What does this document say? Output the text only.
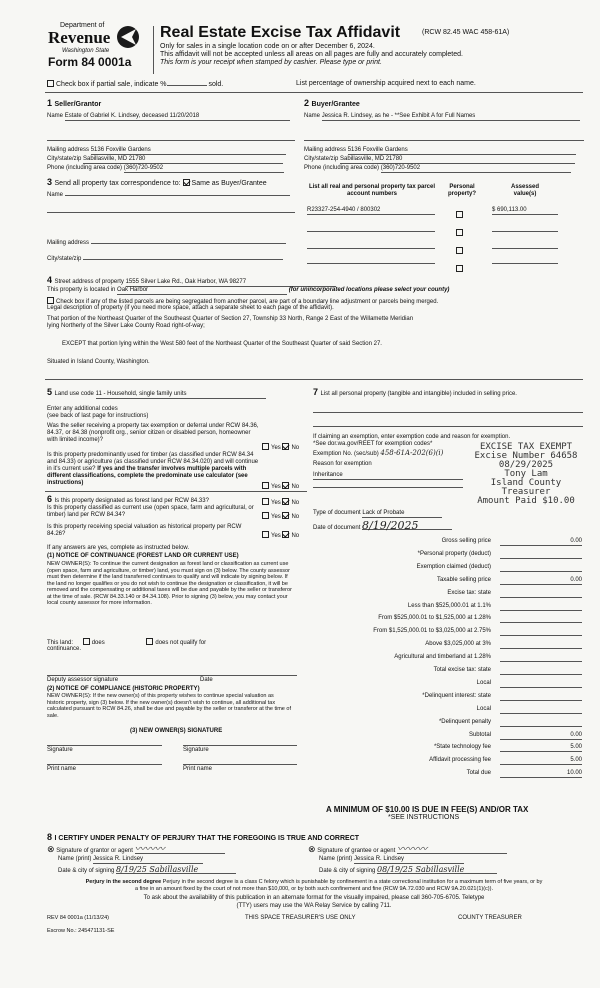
Department of
Revenue
Washington State
Form 84 0001a
Real Estate Excise Tax Affidavit	(RCW 82.45 WAC 458-61A)
Only for sales in a single location code on or after December 6, 2024.
This affidavit will not be accepted unless all areas on all pages are fully and accurately completed.
This form is your receipt when stamped by cashier. Please type or print.
Check box if partial sale, indicate %	sold.	List percentage of ownership acquired next to each name.
1 Seller/Grantor
Name Estate of Gabriel K. Lindsey, deceased 11/20/2018
Mailing address 5136 Foxville Gardens
City/state/zip Sabillasville, MD 21780
Phone (including area code) (360)720-9502
2 Buyer/Grantee
Name Jessica R. Lindsey, as he - **See Exhibit A for Full Names
Mailing address 5136 Foxville Gardens
City/state/zip Sabillasville, MD 21780
Phone (including area code) (360)720-9502
3 Send all property tax correspondence to: Same as Buyer/Grantee
Name
Mailing address
City/state/zip
List all real and personal property tax parcel account numbers
Personal property?
Assessed value(s)
R23327-254-4940 / 800302	$ 690,113.00
4 Street address of property 1555 Silver Lake Rd., Oak Harbor, WA 98277
This property is located in Oak Harbor	(for unincorporated locations please select your county)
Check box if any of the listed parcels are being segregated from another parcel, are part of a boundary line adjustment or parcels being merged.
Legal description of property (if you need more space, attach a separate sheet to each page of the affidavit).
That portion of the Northeast Quarter of the Southeast Quarter of Section 27, Township 33 North, Range 2 East of the Willamette Meridian
lying Northerly of the Silver Lake County Road right-of-way;
EXCEPT that portion lying within the West 580 feet of the Northeast Quarter of the Southeast Quarter of said Section 27.
Situated in Island County, Washington.
5 Land use code 11 - Household, single family units
Enter any additional codes
(see back of last page for instructions)
Was the seller receiving a property tax exemption or deferral under RCW 84.36, 84.37, or 84.38 (nonprofit org., senior citizen or disabled person, homeowner with limited income)?
Yes No
Is this property predominantly used for timber (as classified under RCW 84.34 and 84.33) or agriculture (as classified under RCW 84.34.020) and will continue in it's current use? If yes and the transfer involves multiple parcels with different classifications, complete the predominate use calculator (see instructions)
Yes No
6 Is this property designated as forest land per RCW 84.33?	Yes No
Is this property classified as current use (open space, farm and agricultural, or timber) land per RCW 84.34?	Yes No
Is this property receiving special valuation as historical property per RCW 84.26?	Yes No
If any answers are yes, complete as instructed below.
(1) NOTICE OF CONTINUANCE (FOREST LAND OR CURRENT USE)
NEW OWNER(S): To continue the current designation as forest land or classification as current use (open space, farm and agriculture, or timber) land, you must sign on (3) below. The county assessor must then determine if the land transferred continues to qualify and will indicate by signing below. If the land no longer qualifies or you do not wish to continue the designation or classification, it will be removed and the compensating or additional taxes will be due and payable by the seller or transferor at the time of sale. (RCW 84.33.140 or 84.34.108). Prior to signing (3) below, you may contact your local county assessor for more information.
This land:	does	does not qualify for
continuance.
Deputy assessor signature	Date
(2) NOTICE OF COMPLIANCE (HISTORIC PROPERTY)
NEW OWNER(S): If the new owner(s) of this property wishes to continue special valuation as historic property, sign (3) below. If the new owner(s) doesn't wish to continue, all additional tax calculated pursuant to RCW 84.26, shall be due and payable by the seller or transferor at the time of sale.
(3) NEW OWNER(S) SIGNATURE
Signature	Signature
Print name	Print name
7 List all personal property (tangible and intangible) included in selling price.
If claiming an exemption, enter exemption code and reason for exemption. *See dor.wa.gov/REET for exemption codes*
Exemption No. (sec/sub) 458-61A-202(6)(i)
Reason for exemption
Inheritance
EXCISE TAX EXEMPT
Excise Number 64658
08/29/2025
Tony Lam
Island County Treasurer
Amount Paid $10.00
Type of document Lack of Probate
Date of document 8/19/2025
Gross selling price	0.00
*Personal property (deduct)
Exemption claimed (deduct)
Taxable selling price	0.00
Excise tax: state
Less than $525,000.01 at 1.1%
From $525,000.01 to $1,525,000 at 1.28%
From $1,525,000.01 to $3,025,000 at 2.75%
Above $3,025,000 at 3%
Agricultural and timberland at 1.28%
Total excise tax: state
Local
*Delinquent interest: state
Local
*Delinquent penalty
Subtotal	0.00
*State technology fee	5.00
Affidavit processing fee	5.00
Total due	10.00
A MINIMUM OF $10.00 IS DUE IN FEE(S) AND/OR TAX
*SEE INSTRUCTIONS
8 I CERTIFY UNDER PENALTY OF PERJURY THAT THE FOREGOING IS TRUE AND CORRECT
⊗ Signature of grantor or agent 〰〰〰
Name (print) Jessica R. Lindsey
Date & city of signing 8/19/25 Sabillasville
⊗ Signature of grantee or agent 〰〰〰
Name (print) Jessica R. Lindsey
Date & city of signing 08/19/25 Sabillasville
Perjury in the second degree Perjury in the second degree is a class C felony which is punishable by confinement in a state correctional institution for a maximum term of five years, or by
a fine in an amount fixed by the court of not more than $10,000, or by both such confinement and fine (RCW 9A.72.030 and RCW 9A.20.021(1)(c)).
To ask about the availability of this publication in an alternate format for the visually impaired, please call 360-705-6705. Teletype
(TTY) users may use the WA Relay Service by calling 711.
REV 84 0001a (11/13/24)	THIS SPACE TREASURER'S USE ONLY	COUNTY TREASURER
Escrow No.: 245471131-SE
